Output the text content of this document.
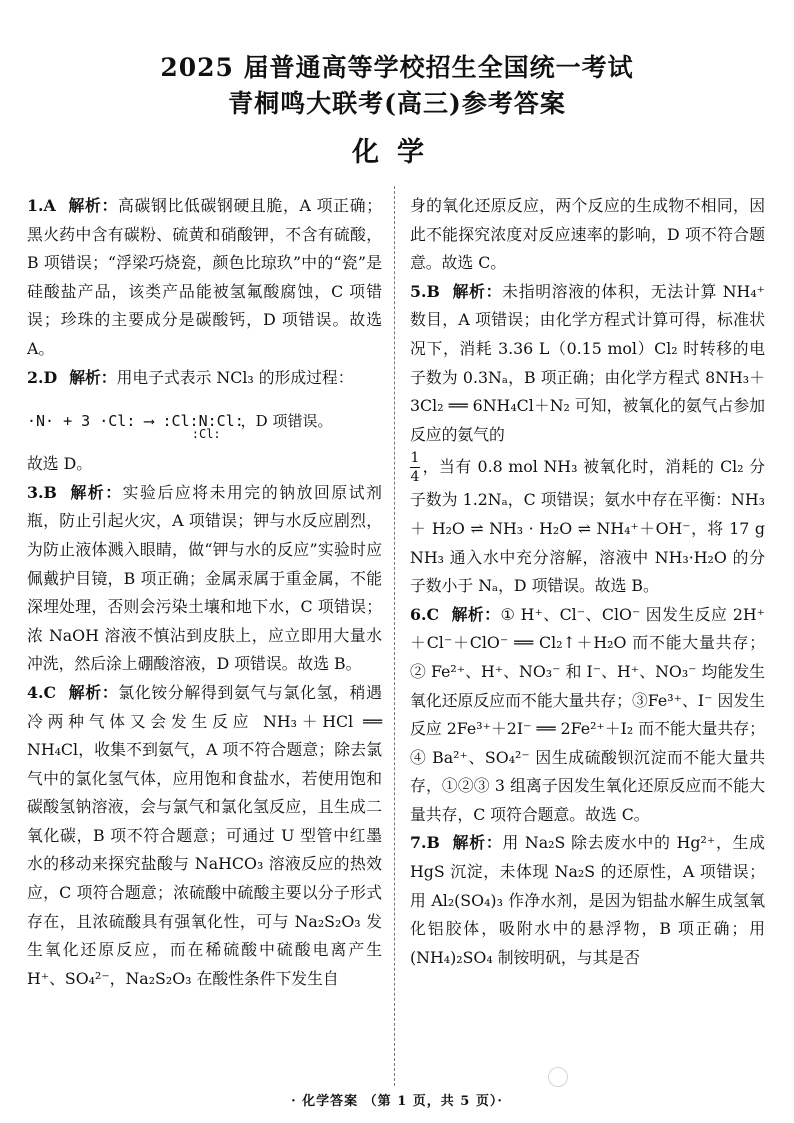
2025 届普通高等学校招生全国统一考试
青桐鸣大联考(高三)参考答案
化学

1.A 解析：高碳钢比低碳钢硬且脆，A 项正确；黑火药中含有碳粉、硫黄和硝酸钾，不含有硫酸，B 项错误；“浮梁巧烧瓷，颜色比琼玖”中的“瓷”是硅酸盐产品，该类产品能被氢氟酸腐蚀，C 项错误；珍珠的主要成分是碳酸钙，D 项错误。故选 A。

2.D 解析：用电子式表示 NCl₃ 的形成过程：

·N· + 3 ·Cl: ⟶ :Cl:N:Cl:
:Cl:
，D 项错误。

故选 D。

3.B 解析：实验后应将未用完的钠放回原试剂瓶，防止引起火灾，A 项错误；钾与水反应剧烈，为防止液体溅入眼睛，做“钾与水的反应”实验时应佩戴护目镜，B 项正确；金属汞属于重金属，不能深埋处理，否则会污染土壤和地下水，C 项错误；浓 NaOH 溶液不慎沾到皮肤上，应立即用大量水冲洗，然后涂上硼酸溶液，D 项错误。故选 B。

4.C 解析：氯化铵分解得到氨气与氯化氢，稍遇冷两种气体又会发生反应 NH₃＋HCl ══ NH₄Cl，收集不到氨气，A 项不符合题意；除去氯气中的氯化氢气体，应用饱和食盐水，若使用饱和碳酸氢钠溶液，会与氯气和氯化氢反应，且生成二氧化碳，B 项不符合题意；可通过 U 型管中红墨水的移动来探究盐酸与 NaHCO₃ 溶液反应的热效应，C 项符合题意；浓硫酸中硫酸主要以分子形式存在，且浓硫酸具有强氧化性，可与 Na₂S₂O₃ 发生氧化还原反应，而在稀硫酸中硫酸电离产生 H⁺、SO₄²⁻，Na₂S₂O₃ 在酸性条件下发生自

身的氧化还原反应，两个反应的生成物不相同，因此不能探究浓度对反应速率的影响，D 项不符合题意。故选 C。

5.B 解析：未指明溶液的体积，无法计算 NH₄⁺ 数目，A 项错误；由化学方程式计算可得，标准状况下，消耗 3.36 L（0.15 mol）Cl₂ 时转移的电子数为 0.3Nₐ，B 项正确；由化学方程式 8NH₃＋3Cl₂ ══ 6NH₄Cl＋N₂ 可知，被氧化的氨气占参加反应的氨气的

$\frac{1}{4}$ ，当有 0.8 mol NH₃ 被氧化时，消耗的 Cl₂ 分子数为 1.2Nₐ，C 项错误；氨水中存在平衡：NH₃ ＋ H₂O ⇌ NH₃ · H₂O ⇌ NH₄⁺＋OH⁻，将 17 g NH₃ 通入水中充分溶解，溶液中 NH₃·H₂O 的分子数小于 Nₐ，D 项错误。故选 B。

6.C 解析：① H⁺、Cl⁻、ClO⁻ 因发生反应 2H⁺＋Cl⁻＋ClO⁻ ══ Cl₂↑＋H₂O 而不能大量共存；② Fe²⁺、H⁺、NO₃⁻ 和 I⁻、H⁺、NO₃⁻ 均能发生氧化还原反应而不能大量共存；③Fe³⁺、I⁻ 因发生反应 2Fe³⁺＋2I⁻ ══ 2Fe²⁺＋I₂ 而不能大量共存；④ Ba²⁺、SO₄²⁻ 因生成硫酸钡沉淀而不能大量共存，①②③ 3 组离子因发生氧化还原反应而不能大量共存，C 项符合题意。故选 C。

7.B 解析：用 Na₂S 除去废水中的 Hg²⁺，生成 HgS 沉淀，未体现 Na₂S 的还原性，A 项错误；用 Al₂(SO₄)₃ 作净水剂，是因为铝盐水解生成氢氧化铝胶体，吸附水中的悬浮物，B 项正确；用(NH₄)₂SO₄ 制铵明矾，与其是否

· 化学答案 （第 1 页，共 5 页）·
